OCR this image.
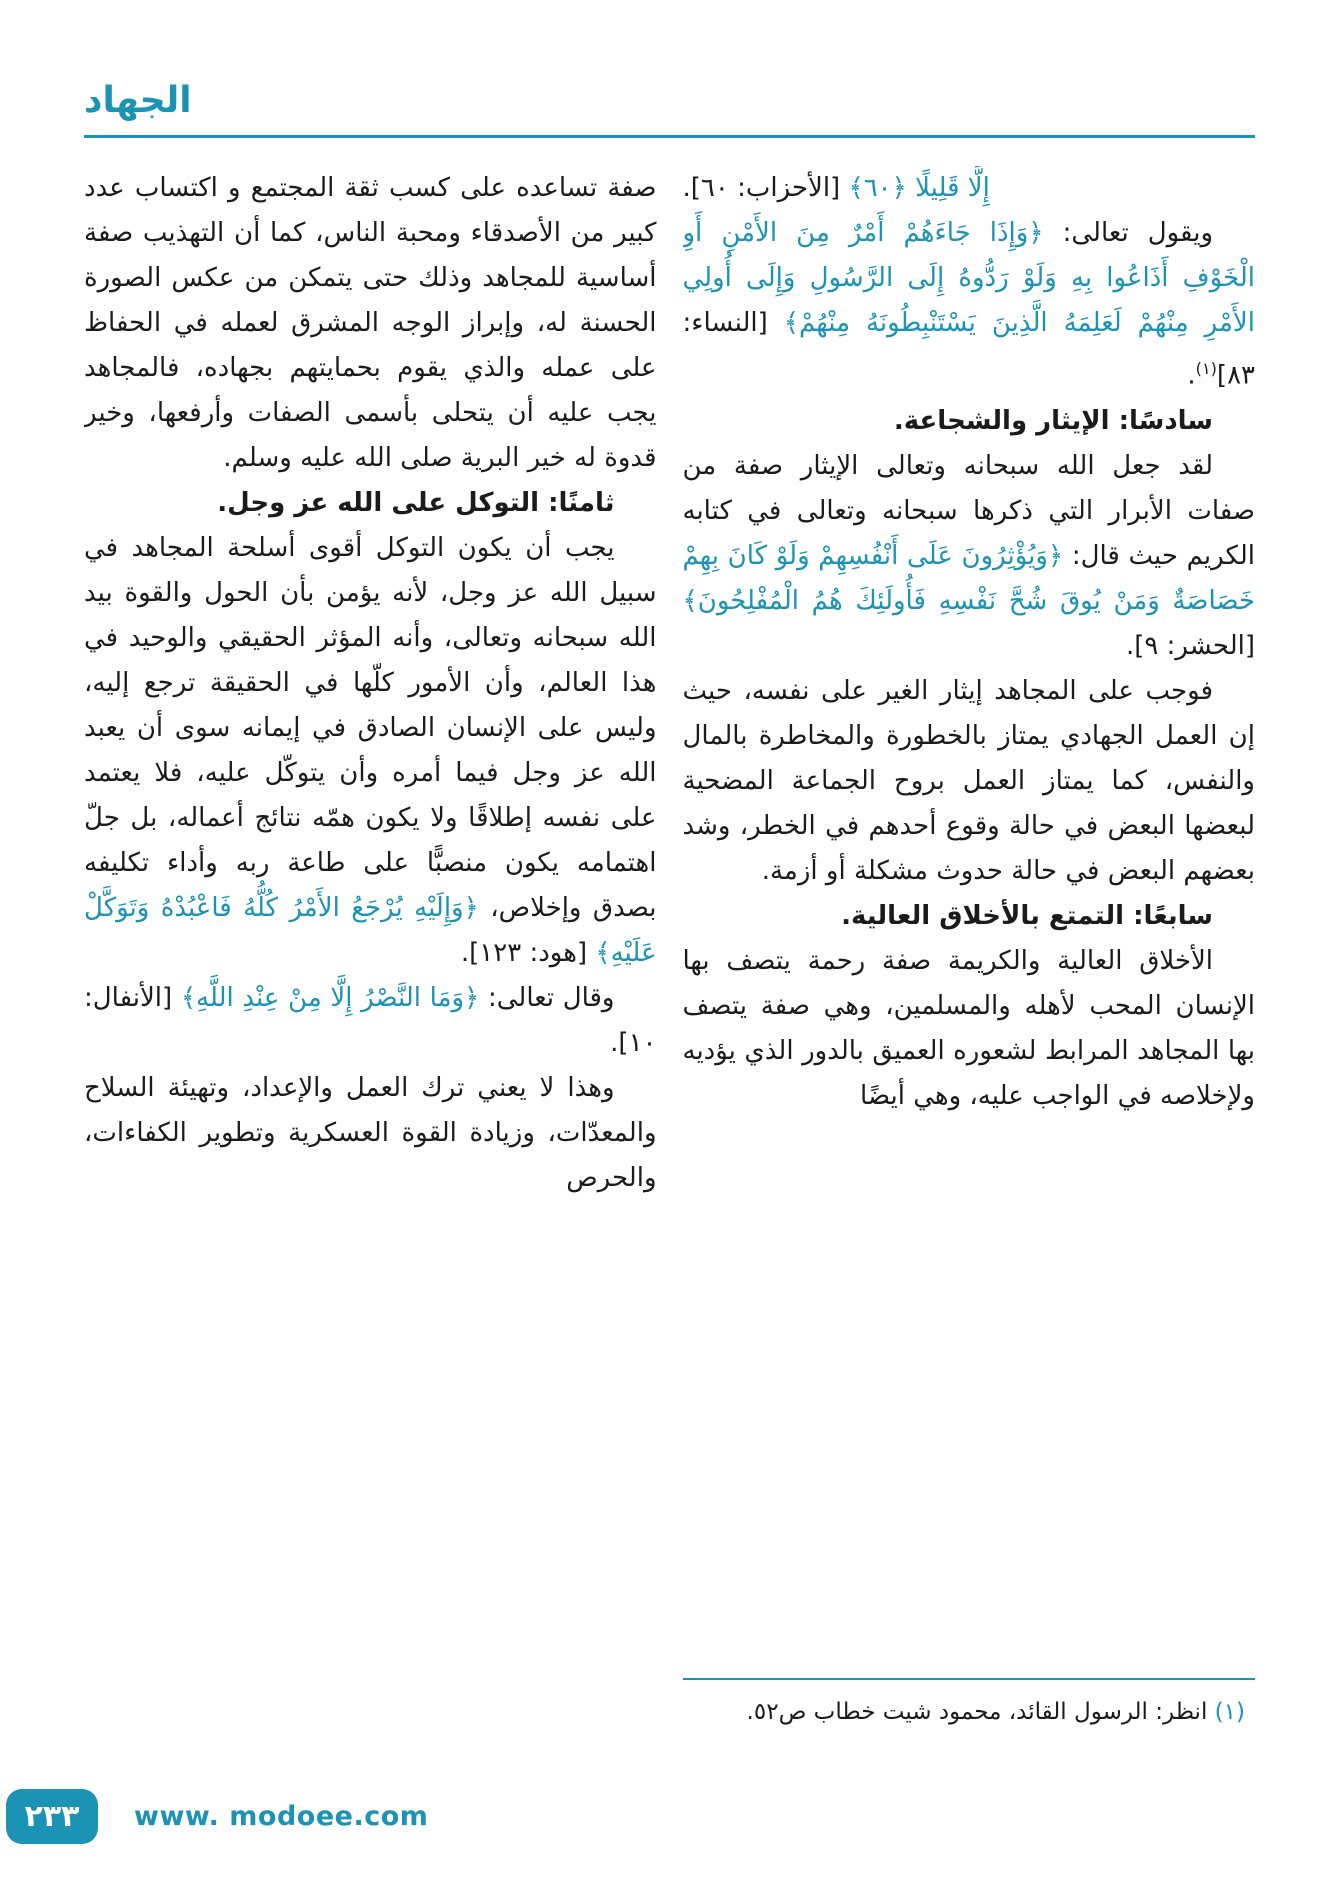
الجهاد

إِلَّا قَلِيلًا ﴿٦٠﴾ [الأحزاب: ٦٠].

ويقول تعالى: ﴿وَإِذَا جَاءَهُمْ أَمْرٌ مِنَ الأَمْنِ أَوِ الْخَوْفِ أَذَاعُوا بِهِ وَلَوْ رَدُّوهُ إِلَى الرَّسُولِ وَإِلَى أُولِي الأَمْرِ مِنْهُمْ لَعَلِمَهُ الَّذِينَ يَسْتَنْبِطُونَهُ مِنْهُمْ﴾ [النساء: ٨٣]$^{(١)}$.

سادسًا: الإيثار والشجاعة.

لقد جعل الله سبحانه وتعالى الإيثار صفة من صفات الأبرار التي ذكرها سبحانه وتعالى في كتابه الكريم حيث قال: ﴿وَيُؤْثِرُونَ عَلَى أَنْفُسِهِمْ وَلَوْ كَانَ بِهِمْ خَصَاصَةٌ وَمَنْ يُوقَ شُحَّ نَفْسِهِ فَأُولَئِكَ هُمُ الْمُفْلِحُونَ﴾ [الحشر: ٩].

فوجب على المجاهد إيثار الغير على نفسه، حيث إن العمل الجهادي يمتاز بالخطورة والمخاطرة بالمال والنفس، كما يمتاز العمل بروح الجماعة المضحية لبعضها البعض في حالة وقوع أحدهم في الخطر، وشد بعضهم البعض في حالة حدوث مشكلة أو أزمة.

سابعًا: التمتع بالأخلاق العالية.

الأخلاق العالية والكريمة صفة رحمة يتصف بها الإنسان المحب لأهله والمسلمين، وهي صفة يتصف بها المجاهد المرابط لشعوره العميق بالدور الذي يؤديه ولإخلاصه في الواجب عليه، وهي أيضًا

(١) انظر: الرسول القائد، محمود شيت خطاب ص٥٢.

صفة تساعده على كسب ثقة المجتمع و اكتساب عدد كبير من الأصدقاء ومحبة الناس، كما أن التهذيب صفة أساسية للمجاهد وذلك حتى يتمكن من عكس الصورة الحسنة له، وإبراز الوجه المشرق لعمله في الحفاظ على عمله والذي يقوم بحمايتهم بجهاده، فالمجاهد يجب عليه أن يتحلى بأسمى الصفات وأرفعها، وخير قدوة له خير البرية صلى الله عليه وسلم.

ثامنًا: التوكل على الله عز وجل.

يجب أن يكون التوكل أقوى أسلحة المجاهد في سبيل الله عز وجل، لأنه يؤمن بأن الحول والقوة بيد الله سبحانه وتعالى، وأنه المؤثر الحقيقي والوحيد في هذا العالم، وأن الأمور كلّها في الحقيقة ترجع إليه، وليس على الإنسان الصادق في إيمانه سوى أن يعبد الله عز وجل فيما أمره وأن يتوكّل عليه، فلا يعتمد على نفسه إطلاقًا ولا يكون همّه نتائج أعماله، بل جلّ اهتمامه يكون منصبًّا على طاعة ربه وأداء تكليفه بصدق وإخلاص، ﴿وَإِلَيْهِ يُرْجَعُ الأَمْرُ كُلُّهُ فَاعْبُدْهُ وَتَوَكَّلْ عَلَيْهِ﴾ [هود: ١٢٣].

وقال تعالى: ﴿وَمَا النَّصْرُ إِلَّا مِنْ عِنْدِ اللَّهِ﴾ [الأنفال: ١٠].

وهذا لا يعني ترك العمل والإعداد، وتهيئة السلاح والمعدّات، وزيادة القوة العسكرية وتطوير الكفاءات، والحرص

٢٣٣ www. modoee.com
